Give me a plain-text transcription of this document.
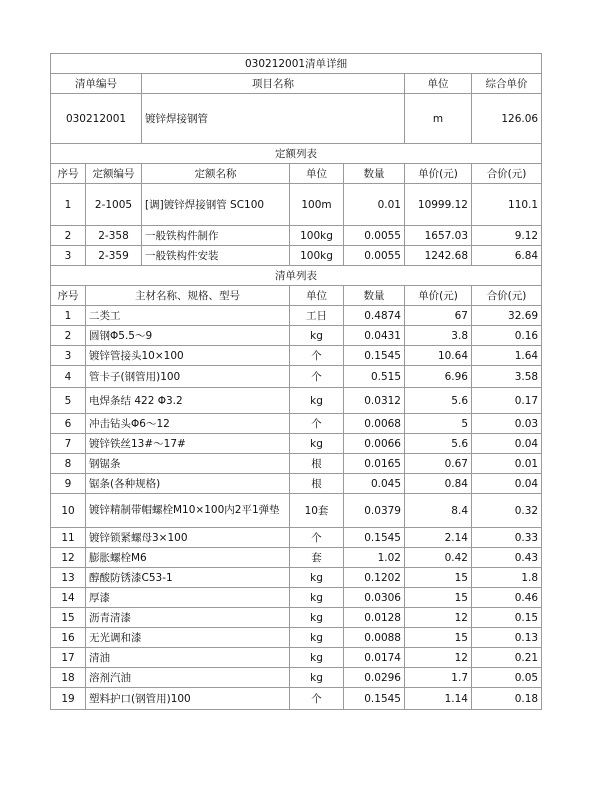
030212001清单详细						
清单编号		项目名称			单位	综合单价
030212001		镀锌焊接钢管			m	126.06
定额列表						
序号	定额编号	定额名称	单位	数量	单价(元)	合价(元)
1	2-1005	[调]镀锌焊接钢管 SC100	100m	0.01	10999.12	110.1
2	2-358	一般铁构件制作	100kg	0.0055	1657.03	9.12
3	2-359	一般铁构件安装	100kg	0.0055	1242.68	6.84
清单列表						
序号	主材名称、规格、型号		单位	数量	单价(元)	合价(元)
1	二类工		工日	0.4874	67	32.69
2	圆钢Φ5.5～9		kg	0.0431	3.8	0.16
3	镀锌管接头10×100		个	0.1545	10.64	1.64
4	管卡子(钢管用)100		个	0.515	6.96	3.58
5	电焊条结 422 Φ3.2		kg	0.0312	5.6	0.17
6	冲击钻头Φ6～12		个	0.0068	5	0.03
7	镀锌铁丝13#～17#		kg	0.0066	5.6	0.04
8	钢锯条		根	0.0165	0.67	0.01
9	锯条(各种规格)		根	0.045	0.84	0.04
10	镀锌精制带帽螺栓M10×100内2平1弹垫		10套	0.0379	8.4	0.32
11	镀锌锁紧螺母3×100		个	0.1545	2.14	0.33
12	膨胀螺栓M6		套	1.02	0.42	0.43
13	醇酸防锈漆C53-1		kg	0.1202	15	1.8
14	厚漆		kg	0.0306	15	0.46
15	沥青清漆		kg	0.0128	12	0.15
16	无光调和漆		kg	0.0088	15	0.13
17	清油		kg	0.0174	12	0.21
18	溶剂汽油		kg	0.0296	1.7	0.05
19	塑料护口(钢管用)100		个	0.1545	1.14	0.18
